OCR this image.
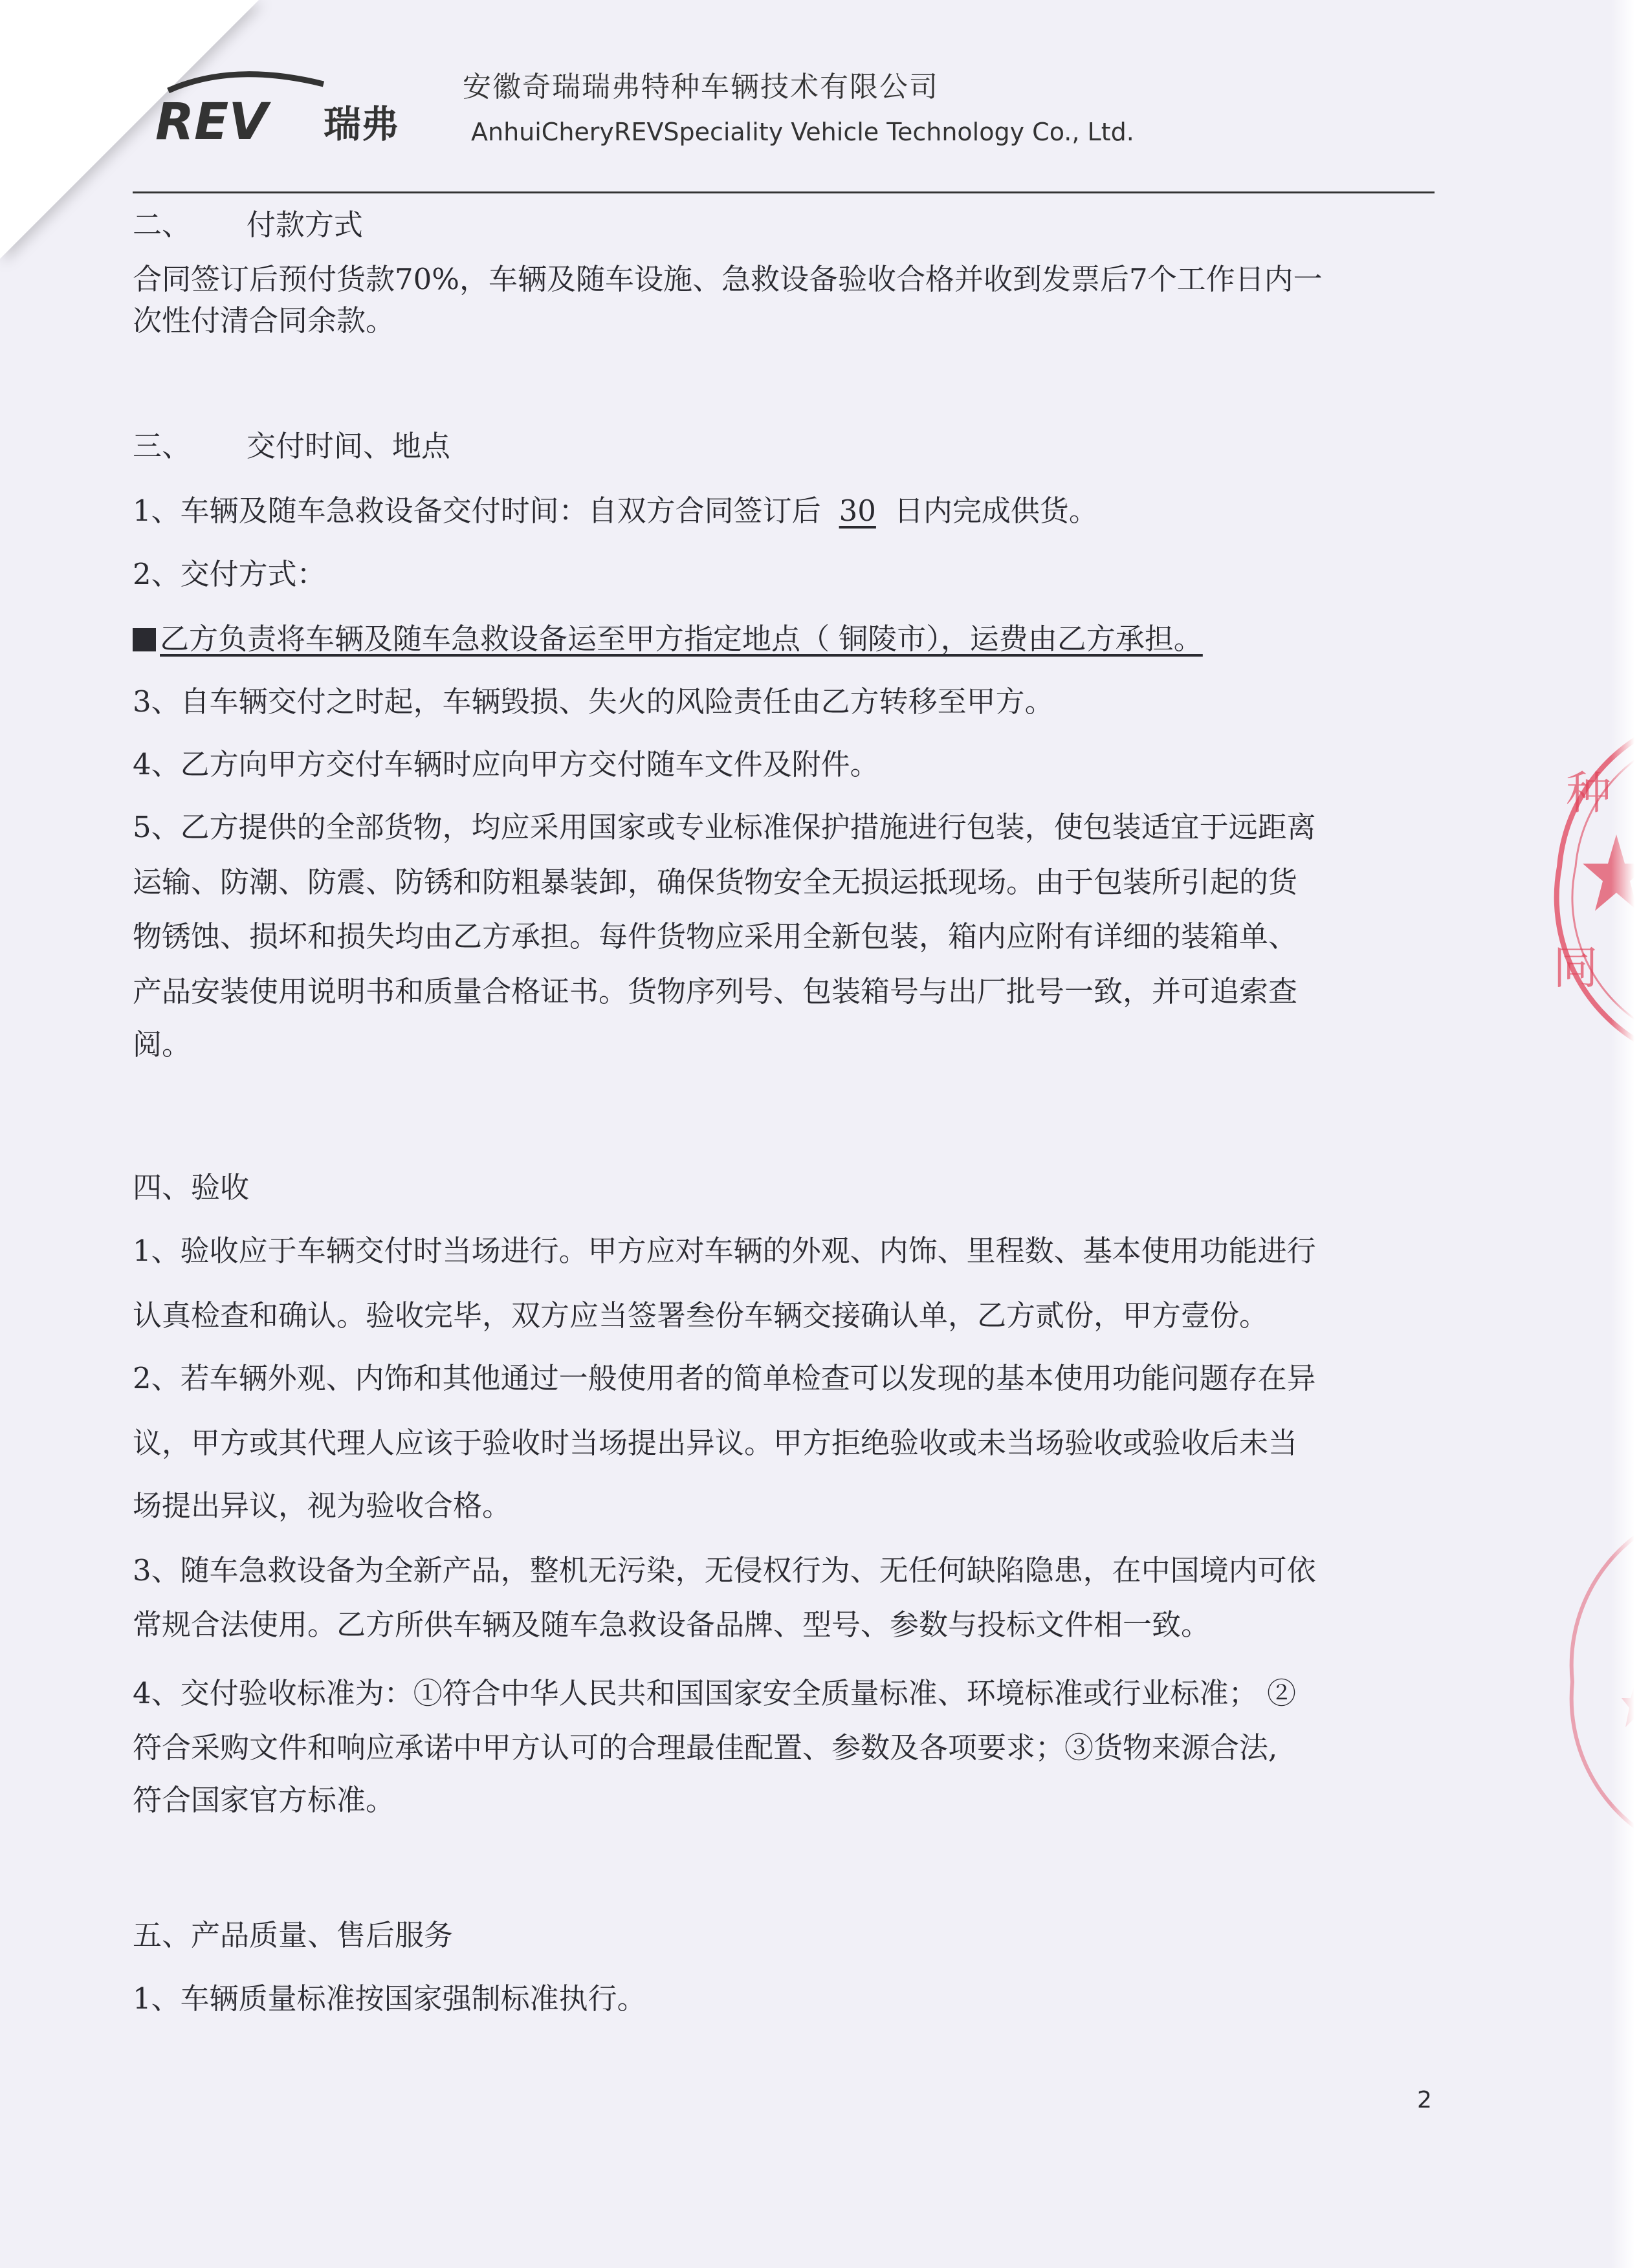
REV 瑞弗
安徽奇瑞瑞弗特种车辆技术有限公司
AnhuiCheryREVSpeciality Vehicle Technology Co., Ltd.
二、      付款方式
合同签订后预付货款70%，车辆及随车设施、急救设备验收合格并收到发票后7个工作日内一
次性付清合同余款。
三、      交付时间、地点
1、车辆及随车急救设备交付时间：自双方合同签订后 30 日内完成供货。
2、交付方式：
乙方负责将车辆及随车急救设备运至甲方指定地点（ 铜陵市），运费由乙方承担。
3、自车辆交付之时起，车辆毁损、失火的风险责任由乙方转移至甲方。
4、乙方向甲方交付车辆时应向甲方交付随车文件及附件。
5、乙方提供的全部货物，均应采用国家或专业标准保护措施进行包装，使包装适宜于远距离
运输、防潮、防震、防锈和防粗暴装卸，确保货物安全无损运抵现场。由于包装所引起的货
物锈蚀、损坏和损失均由乙方承担。每件货物应采用全新包装，箱内应附有详细的装箱单、
产品安装使用说明书和质量合格证书。货物序列号、包装箱号与出厂批号一致，并可追索查
阅。
四、验收
1、验收应于车辆交付时当场进行。甲方应对车辆的外观、内饰、里程数、基本使用功能进行
认真检查和确认。验收完毕，双方应当签署叁份车辆交接确认单，乙方贰份，甲方壹份。
2、若车辆外观、内饰和其他通过一般使用者的简单检查可以发现的基本使用功能问题存在异
议，甲方或其代理人应该于验收时当场提出异议。甲方拒绝验收或未当场验收或验收后未当
场提出异议，视为验收合格。
3、随车急救设备为全新产品，整机无污染，无侵权行为、无任何缺陷隐患，在中国境内可依
常规合法使用。乙方所供车辆及随车急救设备品牌、型号、参数与投标文件相一致。
4、交付验收标准为：①符合中华人民共和国国家安全质量标准、环境标准或行业标准； ②
符合采购文件和响应承诺中甲方认可的合理最佳配置、参数及各项要求；③货物来源合法,
符合国家官方标准。
五、产品质量、售后服务
1、车辆质量标准按国家强制标准执行。
2
种
同
